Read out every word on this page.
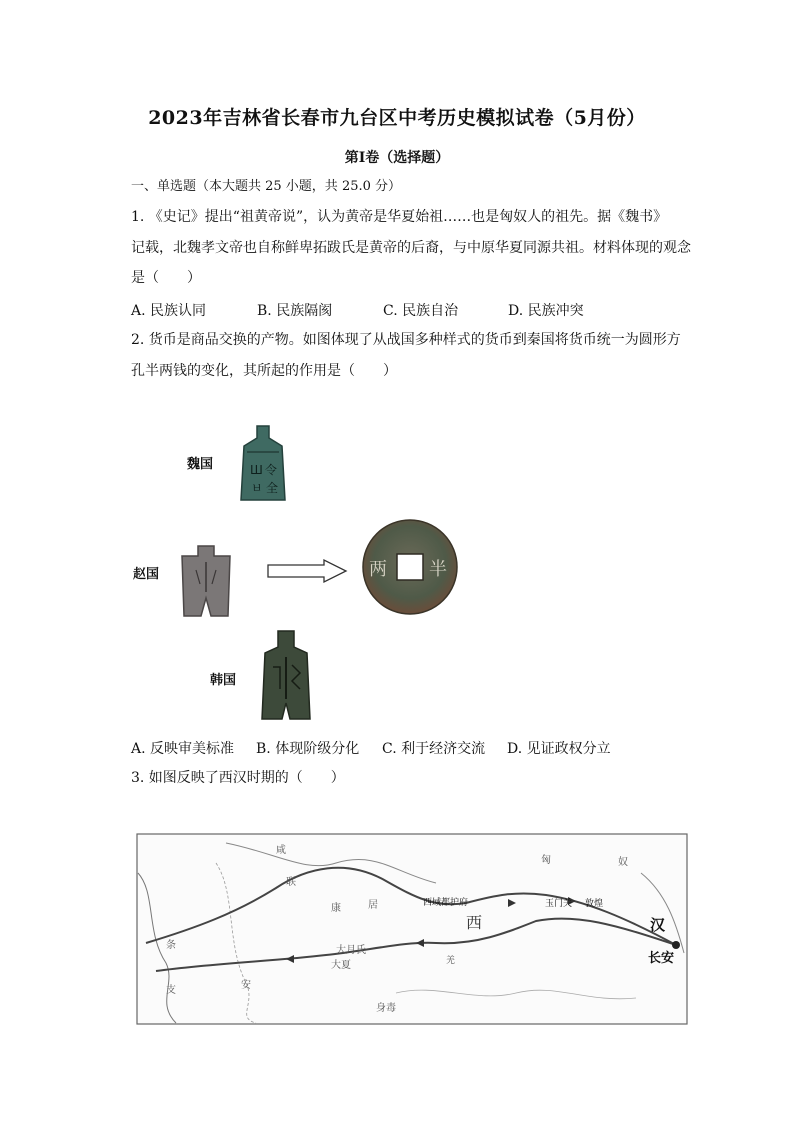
2023年吉林省长春市九台区中考历史模拟试卷（5月份）
第I卷（选择题）
一、单选题（本大题共 25 小题，共 25.0 分）
1. 《史记》提出“祖黄帝说”，认为黄帝是华夏始祖……也是匈奴人的祖先。据《魏书》
记载，北魏孝文帝也自称鲜卑拓跋氏是黄帝的后裔，与中原华夏同源共祖。材料体现的观念
是（　　）
A. 民族认同	B. 民族隔阂	C. 民族自治	D. 民族冲突
2. 货币是商品交换的产物。如图体现了从战国多种样式的货币到秦国将货币统一为圆形方
孔半两钱的变化，其所起的作用是（　　）
魏国
赵国
韩国
Ш 令
ㅂ 全
两 半
A. 反映审美标准 B. 体现阶级分化 C. 利于经济交流 D. 见证政权分立
3. 如图反映了西汉时期的（　　）
咸
联
康	居
匈	奴
条
支	安
大夏
大月氏
身毒
西
羌
西域都护府	玉门关 敦煌
汉
长安
